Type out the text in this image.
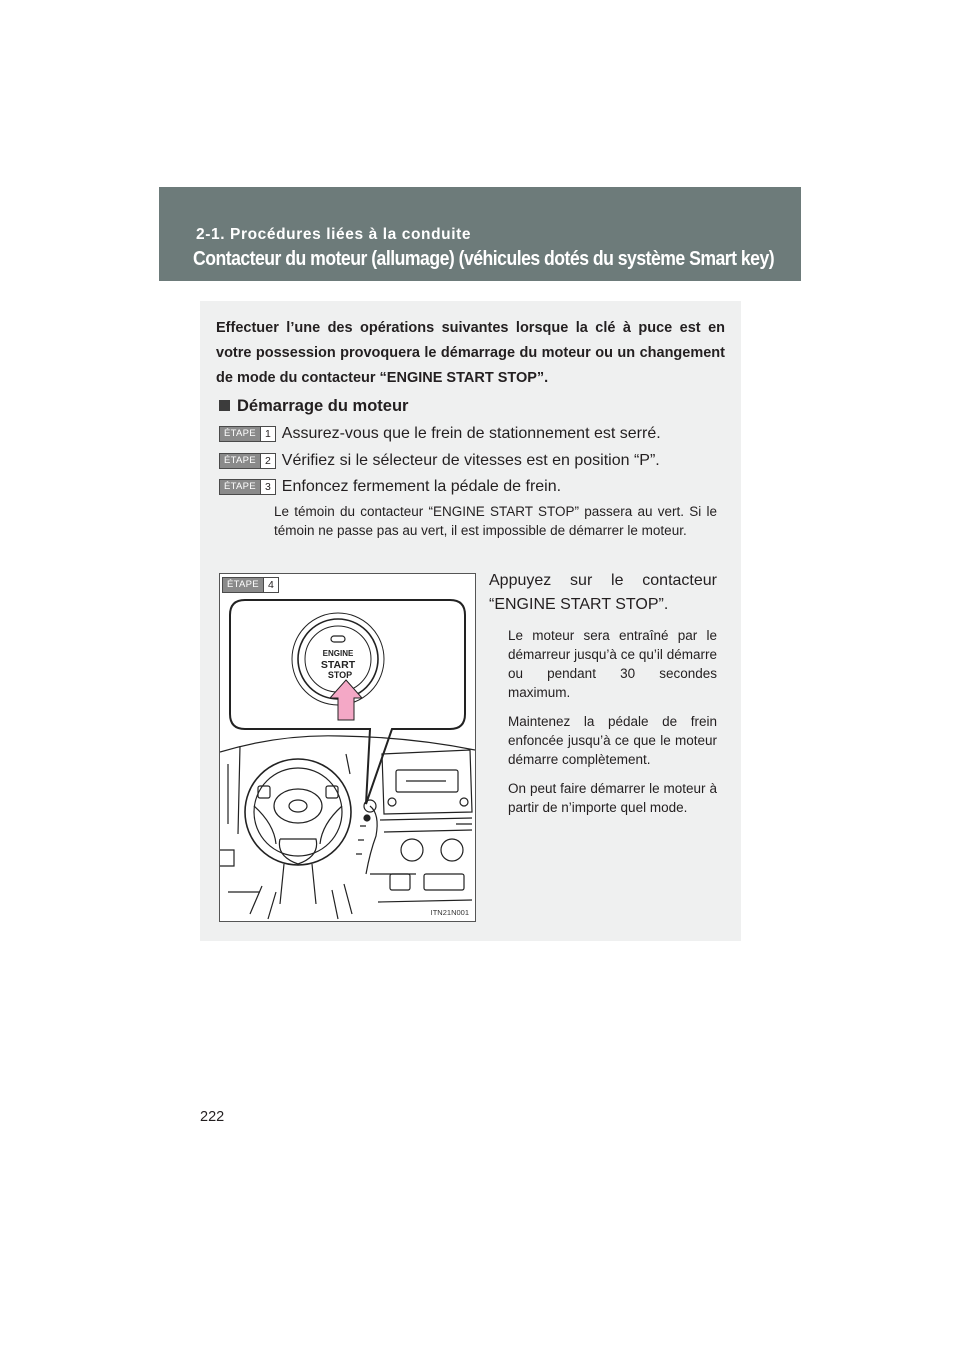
2-1. Procédures liées à la conduite
Contacteur du moteur (allumage) (véhicules dotés du système Smart key)
Effectuer l’une des opérations suivantes lorsque la clé à puce est en votre possession provoquera le démarrage du moteur ou un changement de mode du contacteur “ENGINE START STOP”.
Démarrage du moteur
ÉTAPE 1 Assurez-vous que le frein de stationnement est serré.
ÉTAPE 2 Vérifiez si le sélecteur de vitesses est en position “P”.
ÉTAPE 3 Enfoncez fermement la pédale de frein.
Le témoin du contacteur “ENGINE START STOP” passera au vert. Si le témoin ne passe pas au vert, il est impossible de démarrer le moteur.
ÉTAPE 4
ENGINE
START
STOP
ITN21N001
Appuyez sur le contacteur “ENGINE START STOP”.

Le moteur sera entraîné par le démarreur jusqu’à ce qu’il démarre ou pendant 30 secondes maximum.

Maintenez la pédale de frein enfoncée jusqu’à ce que le moteur démarre complètement.

On peut faire démarrer le moteur à partir de n’importe quel mode.

222
